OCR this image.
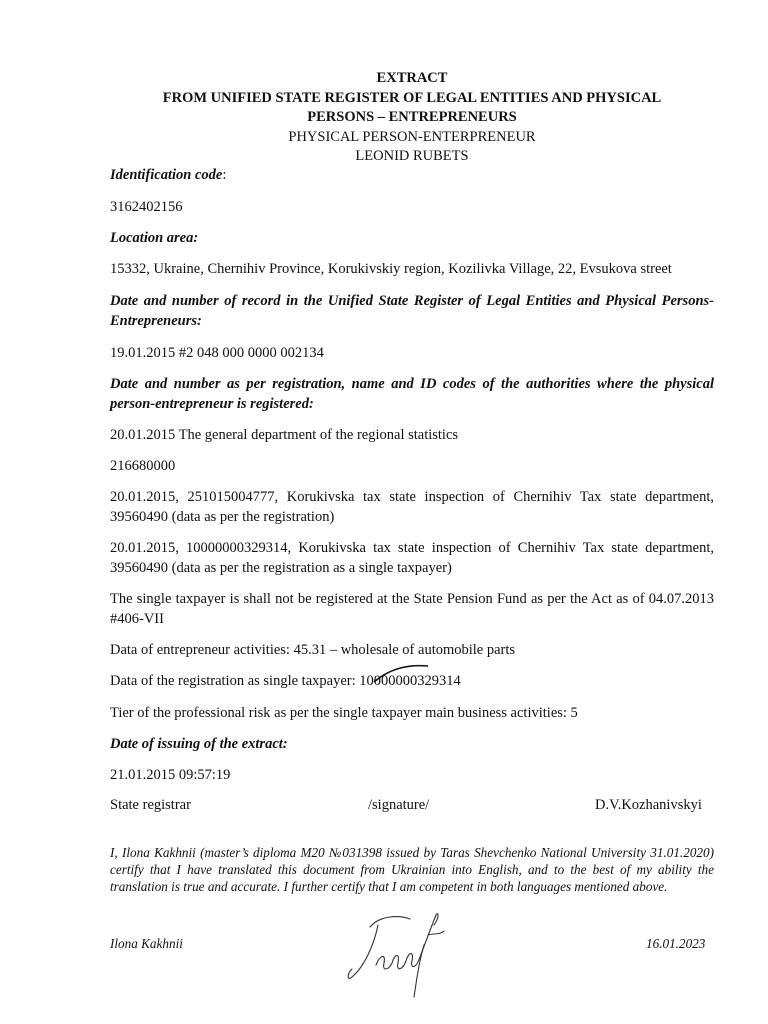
EXTRACT
FROM UNIFIED STATE REGISTER OF LEGAL ENTITIES AND PHYSICAL
PERSONS – ENTREPRENEURS
PHYSICAL PERSON-ENTERPRENEUR
LEONID RUBETS
Identification code:
3162402156
Location area:
15332, Ukraine, Chernihiv Province, Korukivskiy region, Kozilivka Village, 22, Evsukova street
Date and number of record in the Unified State Register of Legal Entities and Physical Persons-Entrepreneurs:
19.01.2015 #2 048 000 0000 002134
Date and number as per registration, name and ID codes of the authorities where the physical person-entrepreneur is registered:
20.01.2015 The general department of the regional statistics
216680000
20.01.2015, 251015004777, Korukivska tax state inspection of Chernihiv Tax state department, 39560490 (data as per the registration)
20.01.2015, 10000000329314, Korukivska tax state inspection of Chernihiv Tax state department, 39560490 (data as per the registration as a single taxpayer)
The single taxpayer is shall not be registered at the State Pension Fund as per the Act as of 04.07.2013 #406-VII
Data of entrepreneur activities: 45.31 – wholesale of automobile parts
Data of the registration as single taxpayer: 10000000329314
Tier of the professional risk as per the single taxpayer main business activities: 5
Date of issuing of the extract:
21.01.2015 09:57:19
State registrar	/signature/	D.V.Kozhanivskyi
I, Ilona Kakhnii (master’s diploma M20 №031398 issued by Taras Shevchenko National University 31.01.2020) certify that I have translated this document from Ukrainian into English, and to the best of my ability the translation is true and accurate. I further certify that I am competent in both languages mentioned above.
Ilona Kakhnii	16.01.2023
